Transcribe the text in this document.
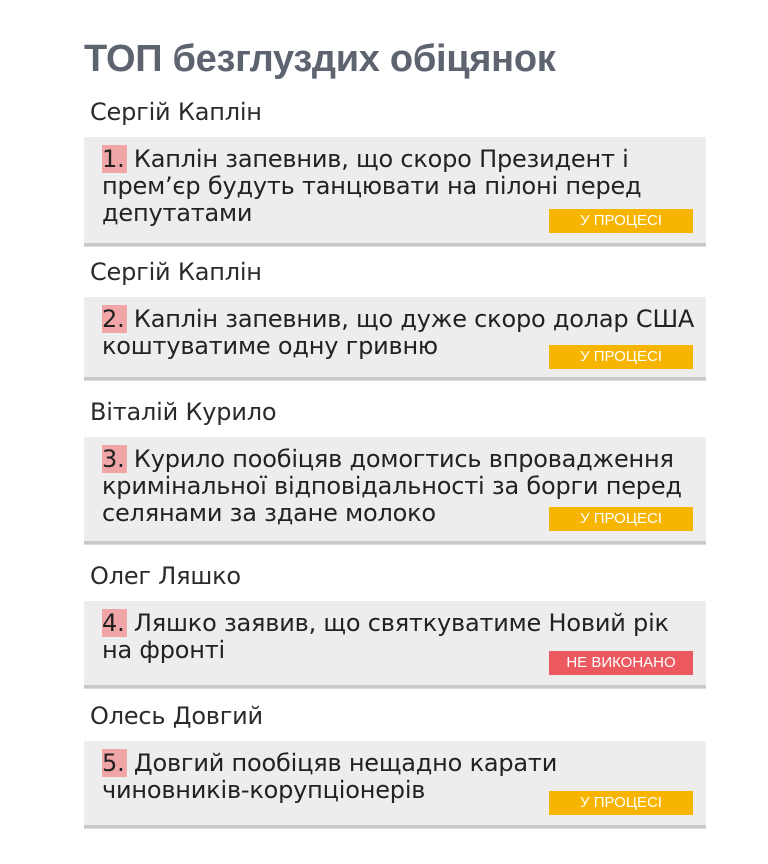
ТОП безглуздих обіцянок
Сергій Каплін
1. Каплін запевнив, що скоро Президент і прем’єр будуть танцювати на пілоні перед депутатами	У ПРОЦЕСІ
Сергій Каплін
2. Каплін запевнив, що дуже скоро долар США коштуватиме одну гривню	У ПРОЦЕСІ
Віталій Курило
3. Курило пообіцяв домогтись впровадження кримінальної відповідальності за борги перед селянами за здане молоко	У ПРОЦЕСІ
Олег Ляшко
4. Ляшко заявив, що святкуватиме Новий рік на фронті	НЕ ВИКОНАНО
Олесь Довгий
5. Довгий пообіцяв нещадно карати чиновників-корупціонерів	У ПРОЦЕСІ
